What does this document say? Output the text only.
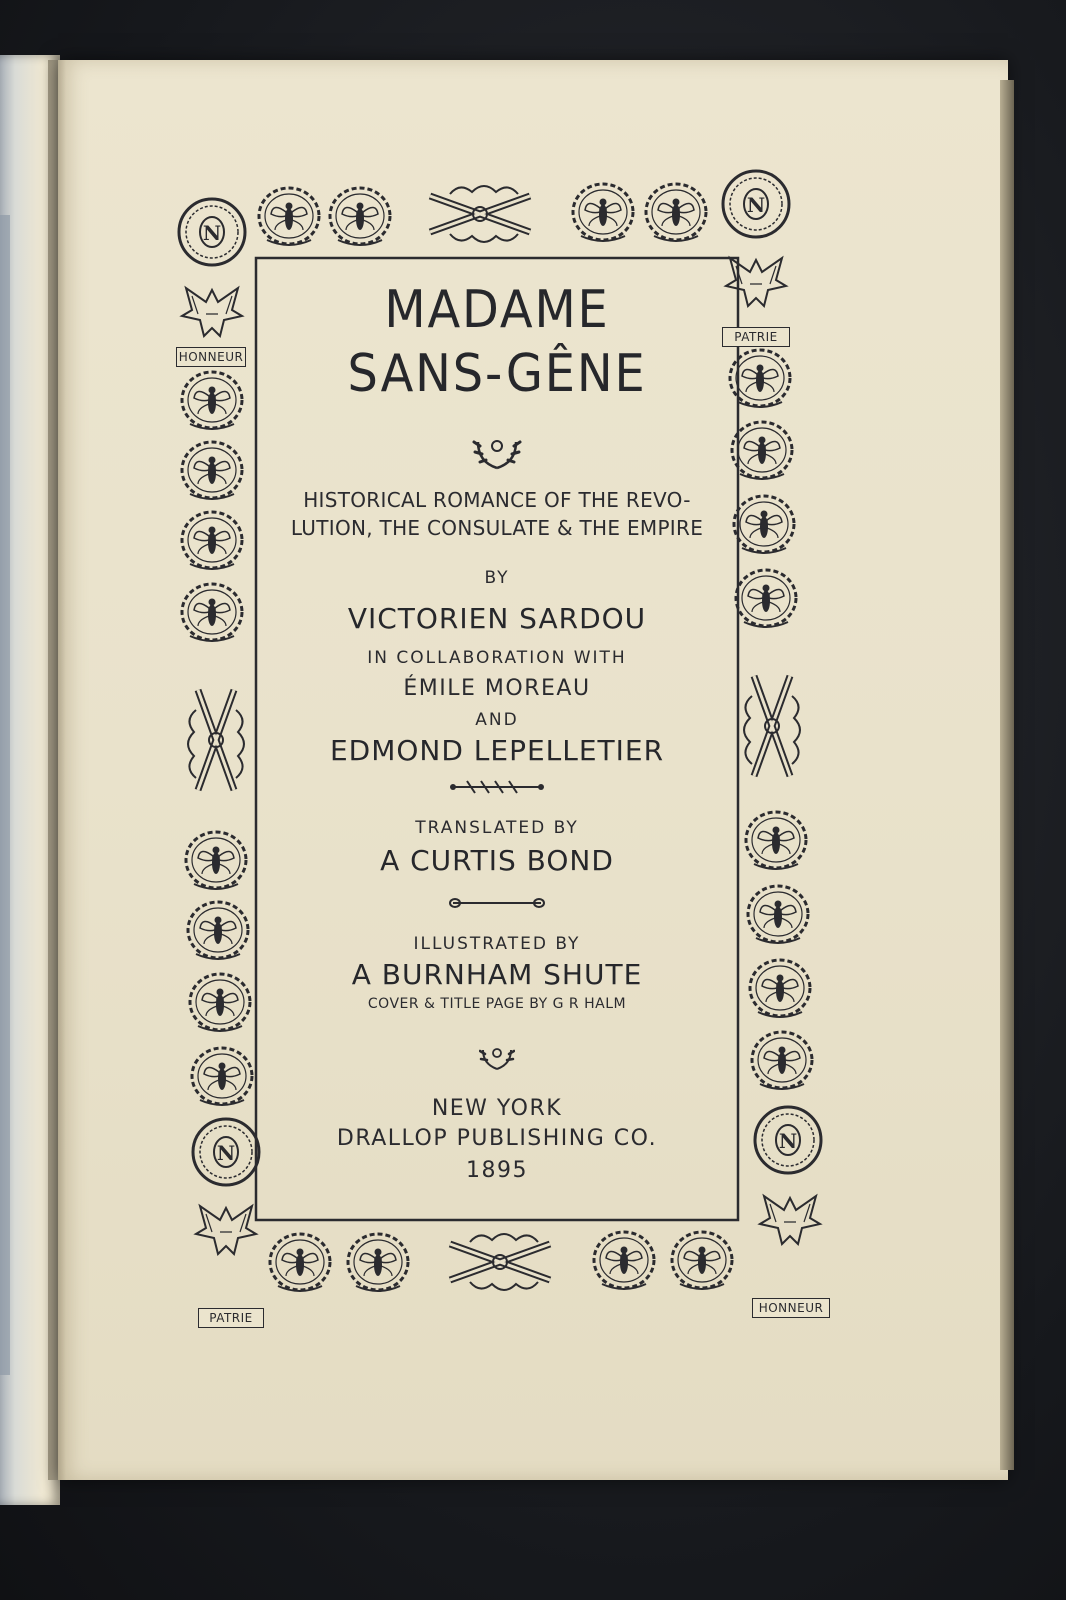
N
N
N	N
HONNEUR
PATRIE
PATRIE
HONNEUR
MADAME
SANS-GÊNE
HISTORICAL ROMANCE OF THE REVO-
LUTION, THE CONSULATE & THE EMPIRE
BY
VICTORIEN SARDOU
IN COLLABORATION WITH
ÉMILE MOREAU
AND
EDMOND LEPELLETIER
TRANSLATED BY
A CURTIS BOND
ILLUSTRATED BY
A BURNHAM SHUTE
COVER & TITLE PAGE BY G R HALM
NEW YORK
DRALLOP PUBLISHING CO.
1895
